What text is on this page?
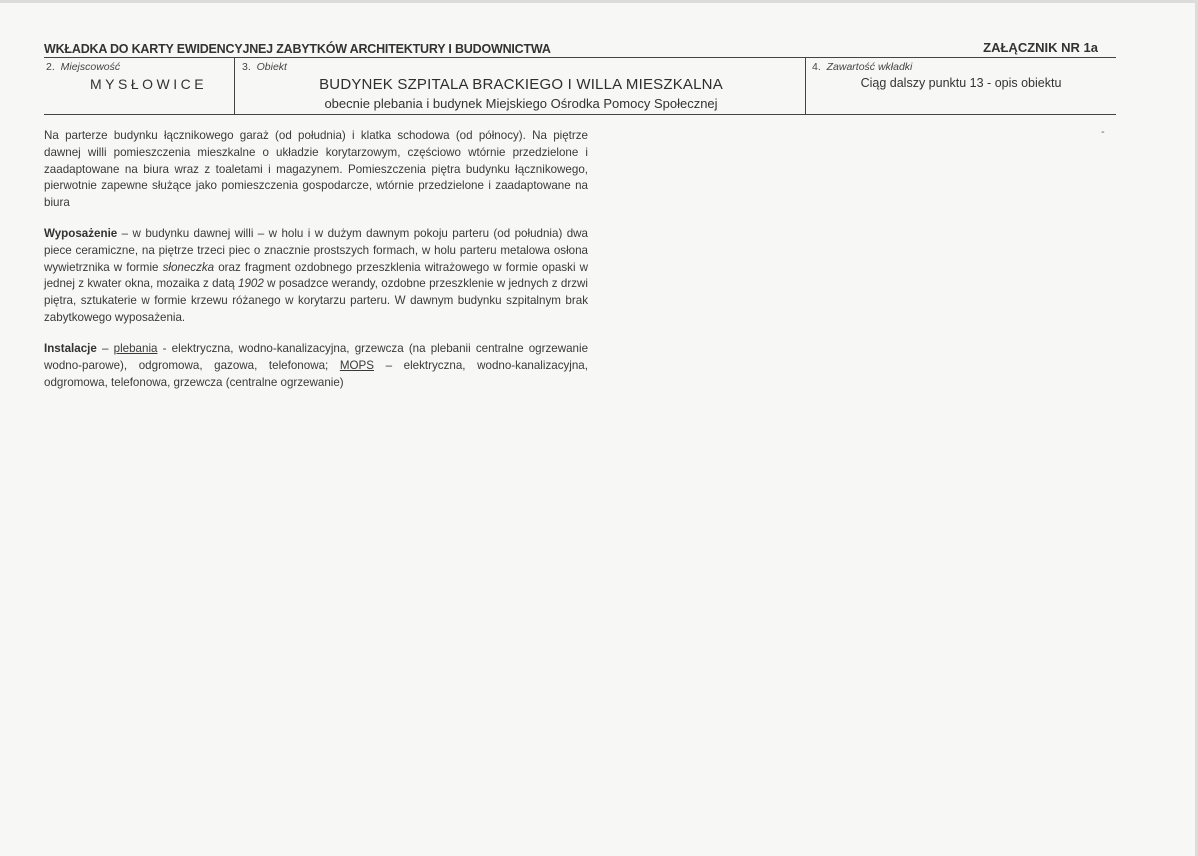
WKŁADKA DO KARTY EWIDENCYJNEJ ZABYTKÓW ARCHITEKTURY I BUDOWNICTWA	ZAŁĄCZNIK NR 1a
2. Miejscowość
MYSŁOWICE
3. Obiekt
BUDYNEK SZPITALA BRACKIEGO I WILLA MIESZKALNA
obecnie plebania i budynek Miejskiego Ośrodka Pomocy Społecznej
4. Zawartość wkładki
Ciąg dalszy punktu 13 - opis obiektu
Na parterze budynku łącznikowego garaż (od południa) i klatka schodowa (od północy). Na piętrze dawnej willi pomieszczenia mieszkalne o układzie korytarzowym, częściowo wtórnie przedzielone i zaadaptowane na biura wraz z toaletami i magazynem. Pomieszczenia piętra budynku łącznikowego, pierwotnie zapewne służące jako pomieszczenia gospodarcze, wtórnie przedzielone i zaadaptowane na biura
Wyposażenie – w budynku dawnej willi – w holu i w dużym dawnym pokoju parteru (od południa) dwa piece ceramiczne, na piętrze trzeci piec o znacznie prostszych formach, w holu parteru metalowa osłona wywietrznika w formie słoneczka oraz fragment ozdobnego przeszklenia witrażowego w formie opaski w jednej z kwater okna, mozaika z datą 1902 w posadzce werandy, ozdobne przeszklenie w jednych z drzwi piętra, sztukaterie w formie krzewu różanego w korytarzu parteru. W dawnym budynku szpitalnym brak zabytkowego wyposażenia.
Instalacje – plebania - elektryczna, wodno-kanalizacyjna, grzewcza (na plebanii centralne ogrzewanie wodno-parowe), odgromowa, gazowa, telefonowa; MOPS – elektryczna, wodno-kanalizacyjna, odgromowa, telefonowa, grzewcza (centralne ogrzewanie)
-
